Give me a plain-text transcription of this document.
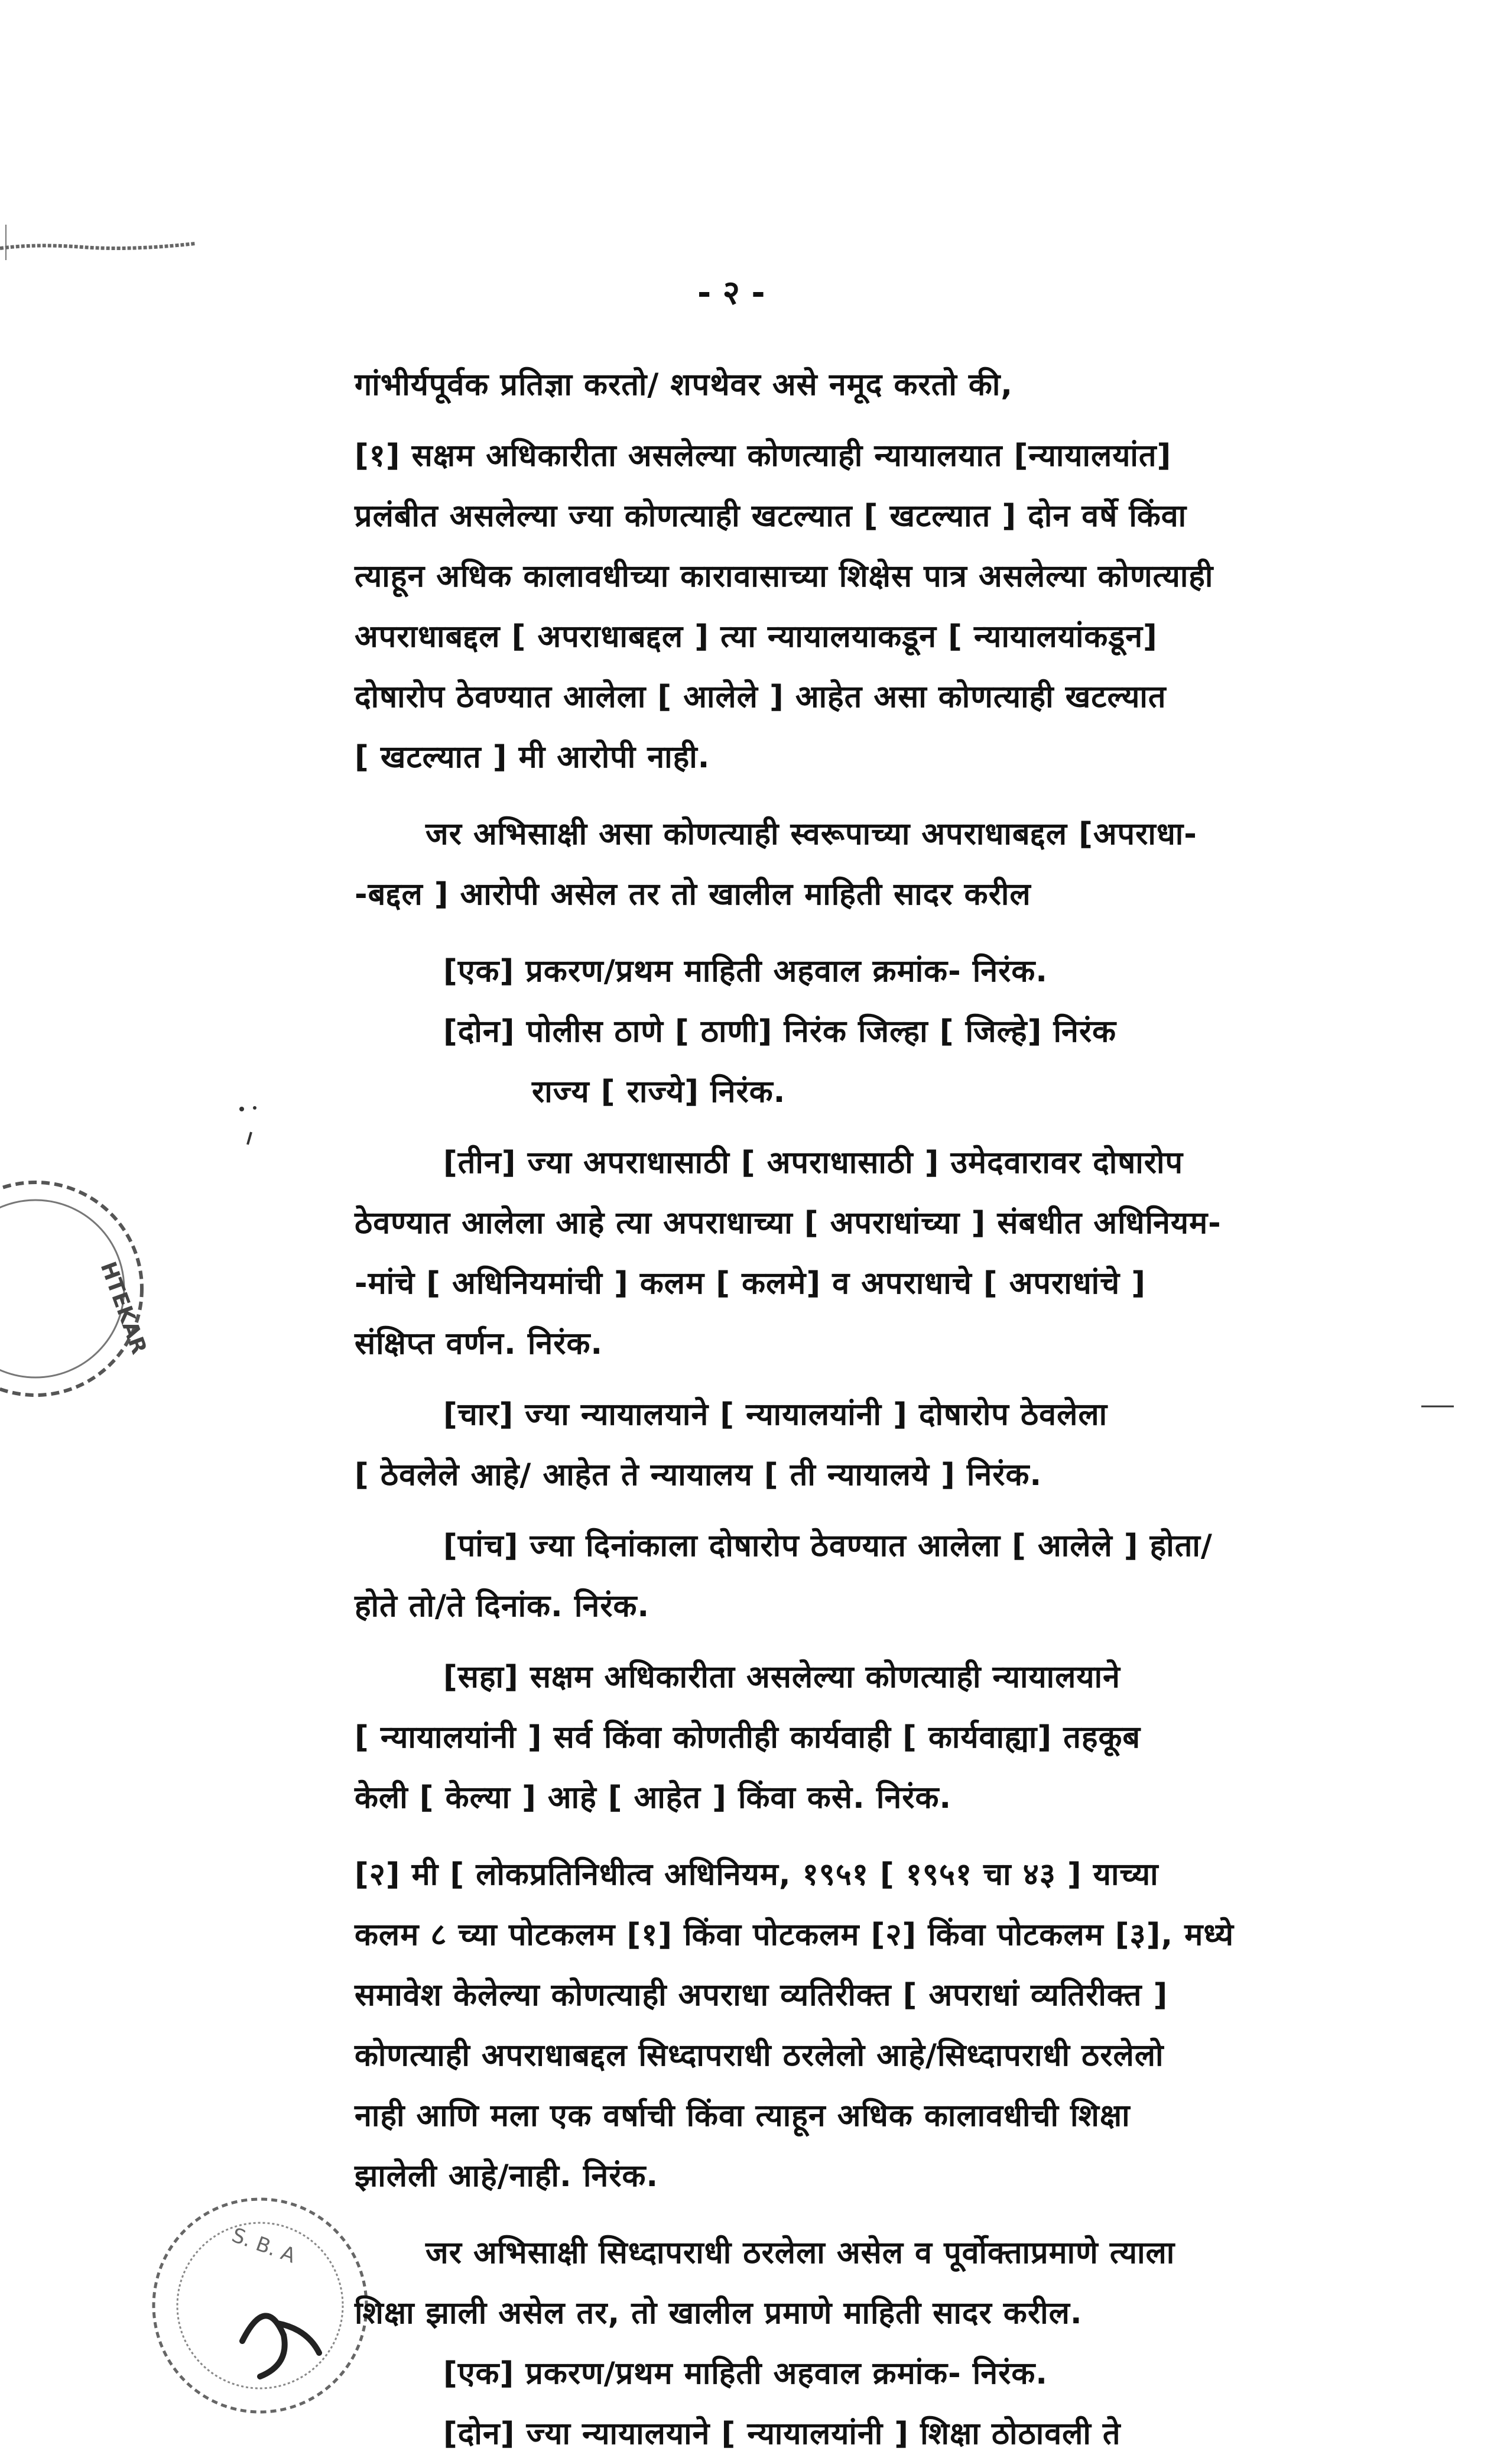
- २ -
HTEKAR
S. B. A

गांभीर्यपूर्वक प्रतिज्ञा करतो/ शपथेवर असे नमूद करतो की,

[१] सक्षम अधिकारीता असलेल्या कोणत्याही न्यायालयात [न्यायालयांत]

प्रलंबीत असलेल्या ज्या कोणत्याही खटल्यात [ खटल्यात ] दोन वर्षे किंवा

त्याहून अधिक कालावधीच्या कारावासाच्या शिक्षेस पात्र असलेल्या कोणत्याही

अपराधाबद्दल [ अपराधाबद्दल ] त्या न्यायालयाकडून [ न्यायालयांकडून]

दोषारोप ठेवण्यात आलेला [ आलेले ] आहेत असा कोणत्याही खटल्यात

[ खटल्यात ] मी आरोपी नाही.

जर अभिसाक्षी असा कोणत्याही स्वरूपाच्या अपराधाबद्दल [अपराधा-

-बद्दल ] आरोपी असेल तर तो खालील माहिती सादर करील

[एक] प्रकरण/प्रथम माहिती अहवाल क्रमांक- निरंक.

[दोन] पोलीस ठाणे [ ठाणी] निरंक जिल्हा [ जिल्हे] निरंक

राज्य [ राज्ये] निरंक.

[तीन] ज्या अपराधासाठी [ अपराधासाठी ] उमेदवारावर दोषारोप

ठेवण्यात आलेला आहे त्या अपराधाच्या [ अपराधांच्या ] संबधीत अधिनियम-

-मांचे [ अधिनियमांची ] कलम [ कलमे] व अपराधाचे [ अपराधांचे ]

संक्षिप्त वर्णन. निरंक.

[चार] ज्या न्यायालयाने [ न्यायालयांनी ] दोषारोप ठेवलेला

[ ठेवलेले आहे/ आहेत ते न्यायालय [ ती न्यायालये ] निरंक.

[पांच] ज्या दिनांकाला दोषारोप ठेवण्यात आलेला [ आलेले ] होता/

होते तो/ते दिनांक. निरंक.

[सहा] सक्षम अधिकारीता असलेल्या कोणत्याही न्यायालयाने

[ न्यायालयांनी ] सर्व किंवा कोणतीही कार्यवाही [ कार्यवाह्या] तहकूब

केली [ केल्या ] आहे [ आहेत ] किंवा कसे. निरंक.

[२] मी [ लोकप्रतिनिधीत्व अधिनियम, १९५१ [ १९५१ चा ४३ ] याच्या

कलम ८ च्या पोटकलम [१] किंवा पोटकलम [२] किंवा पोटकलम [३], मध्ये

समावेश केलेल्या कोणत्याही अपराधा व्यतिरीक्त [ अपराधां व्यतिरीक्त ]

कोणत्याही अपराधाबद्दल सिध्दापराधी ठरलेलो आहे/सिध्दापराधी ठरलेलो

नाही आणि मला एक वर्षाची किंवा त्याहून अधिक कालावधीची शिक्षा

झालेली आहे/नाही. निरंक.

जर अभिसाक्षी सिध्दापराधी ठरलेला असेल व पूर्वोक्ताप्रमाणे त्याला

शिक्षा झाली असेल तर, तो खालील प्रमाणे माहिती सादर करील.

[एक] प्रकरण/प्रथम माहिती अहवाल क्रमांक- निरंक.

[दोन] ज्या न्यायालयाने [ न्यायालयांनी ] शिक्षा ठोठावली ते
